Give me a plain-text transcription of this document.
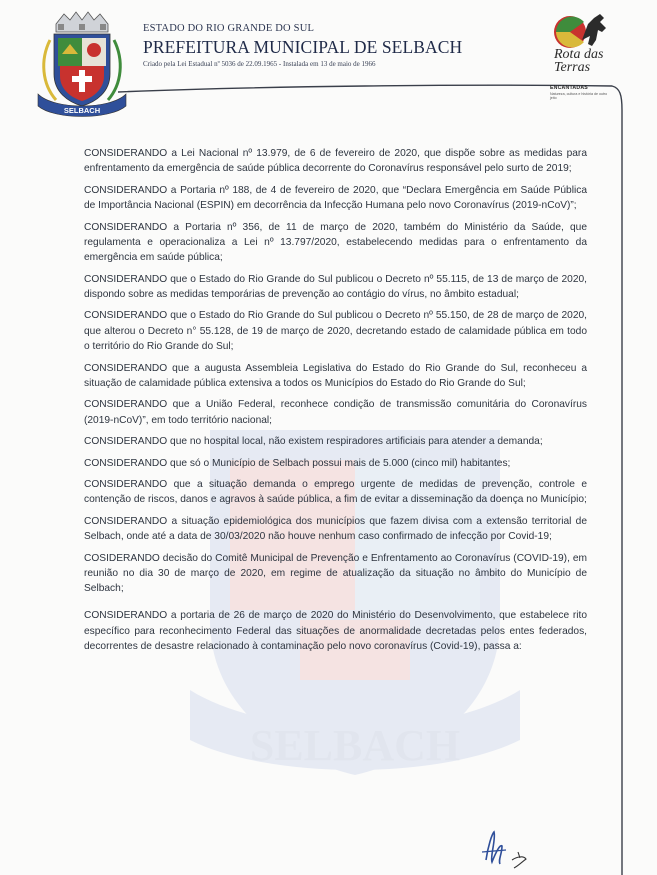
SELBACH
SELBACH

ESTADO DO RIO GRANDE DO SUL

PREFEITURA MUNICIPAL DE SELBACH

Criado pela Lei Estadual nº 5036 de 22.09.1965 - Instalada em 13 de maio de 1966

Rota das Terras
ENCANTADAS
Natureza, cultura e história de outro jeito

CONSIDERANDO a Lei Nacional nº 13.979, de 6 de fevereiro de 2020, que dispõe sobre as medidas para enfrentamento da emergência de saúde pública decorrente do Coronavírus responsável pelo surto de 2019;

CONSIDERANDO a Portaria nº 188, de 4 de fevereiro de 2020, que “Declara Emergência em Saúde Pública de Importância Nacional (ESPIN) em decorrência da Infecção Humana pelo novo Coronavírus (2019-nCoV)”;

CONSIDERANDO a Portaria nº 356, de 11 de março de 2020, também do Ministério da Saúde, que regulamenta e operacionaliza a Lei nº 13.797/2020, estabelecendo medidas para o enfrentamento da emergência em saúde pública;

CONSIDERANDO que o Estado do Rio Grande do Sul publicou o Decreto nº 55.115, de 13 de março de 2020, dispondo sobre as medidas temporárias de prevenção ao contágio do vírus, no âmbito estadual;

CONSIDERANDO que o Estado do Rio Grande do Sul publicou o Decreto nº 55.150, de 28 de março de 2020, que alterou o Decreto n° 55.128, de 19 de março de 2020, decretando estado de calamidade pública em todo o território do Rio Grande do Sul;

CONSIDERANDO que a augusta Assembleia Legislativa do Estado do Rio Grande do Sul, reconheceu a situação de calamidade pública extensiva a todos os Municípios do Estado do Rio Grande do Sul;

CONSIDERANDO que a União Federal, reconhece condição de transmissão comunitária do Coronavírus (2019-nCoV)”, em todo território nacional;

CONSIDERANDO que no hospital local, não existem respiradores artificiais para atender a demanda;

CONSIDERANDO que só o Município de Selbach possui mais de 5.000 (cinco mil) habitantes;

CONSIDERANDO que a situação demanda o emprego urgente de medidas de prevenção, controle e contenção de riscos, danos e agravos à saúde pública, a fim de evitar a disseminação da doença no Município;

CONSIDERANDO a situação epidemiológica dos municípios que fazem divisa com a extensão territorial de Selbach, onde até a data de 30/03/2020 não houve nenhum caso confirmado de infecção por Covid-19;

COSIDERANDO decisão do Comitê Municipal de Prevenção e Enfrentamento ao Coronavírus (COVID-19), em reunião no dia 30 de março de 2020, em regime de atualização da situação no âmbito do Município de Selbach;

CONSIDERANDO a portaria de 26 de março de 2020 do Ministério do Desenvolvimento, que estabelece rito específico para reconhecimento Federal das situações de anormalidade decretadas pelos entes federados, decorrentes de desastre relacionado à contaminação pelo novo coronavírus (Covid-19), passa a:
